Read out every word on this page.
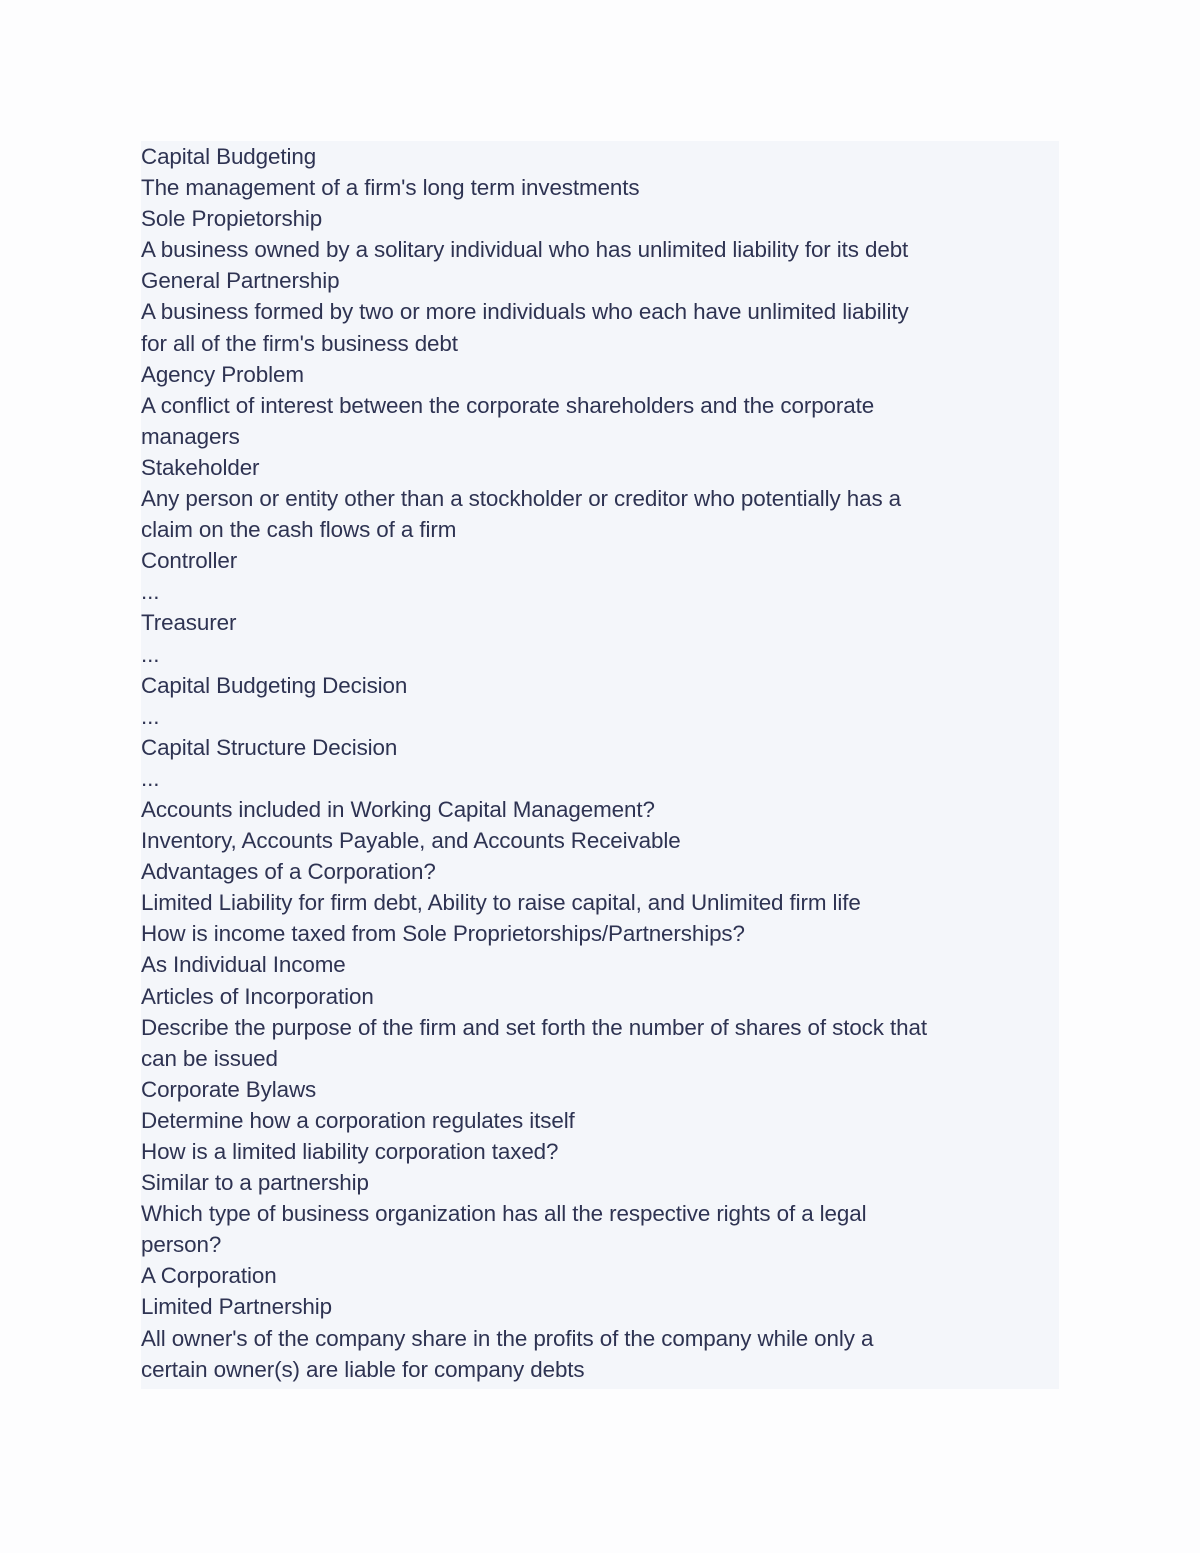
Capital Budgeting
The management of a firm's long term investments
Sole Propietorship
A business owned by a solitary individual who has unlimited liability for its debt
General Partnership
A business formed by two or more individuals who each have unlimited liability
for all of the firm's business debt
Agency Problem
A conflict of interest between the corporate shareholders and the corporate
managers
Stakeholder
Any person or entity other than a stockholder or creditor who potentially has a
claim on the cash flows of a firm
Controller
...
Treasurer
...
Capital Budgeting Decision
...
Capital Structure Decision
...
Accounts included in Working Capital Management?
Inventory, Accounts Payable, and Accounts Receivable
Advantages of a Corporation?
Limited Liability for firm debt, Ability to raise capital, and Unlimited firm life
How is income taxed from Sole Proprietorships/Partnerships?
As Individual Income
Articles of Incorporation
Describe the purpose of the firm and set forth the number of shares of stock that
can be issued
Corporate Bylaws
Determine how a corporation regulates itself
How is a limited liability corporation taxed?
Similar to a partnership
Which type of business organization has all the respective rights of a legal
person?
A Corporation
Limited Partnership
All owner's of the company share in the profits of the company while only a
certain owner(s) are liable for company debts
